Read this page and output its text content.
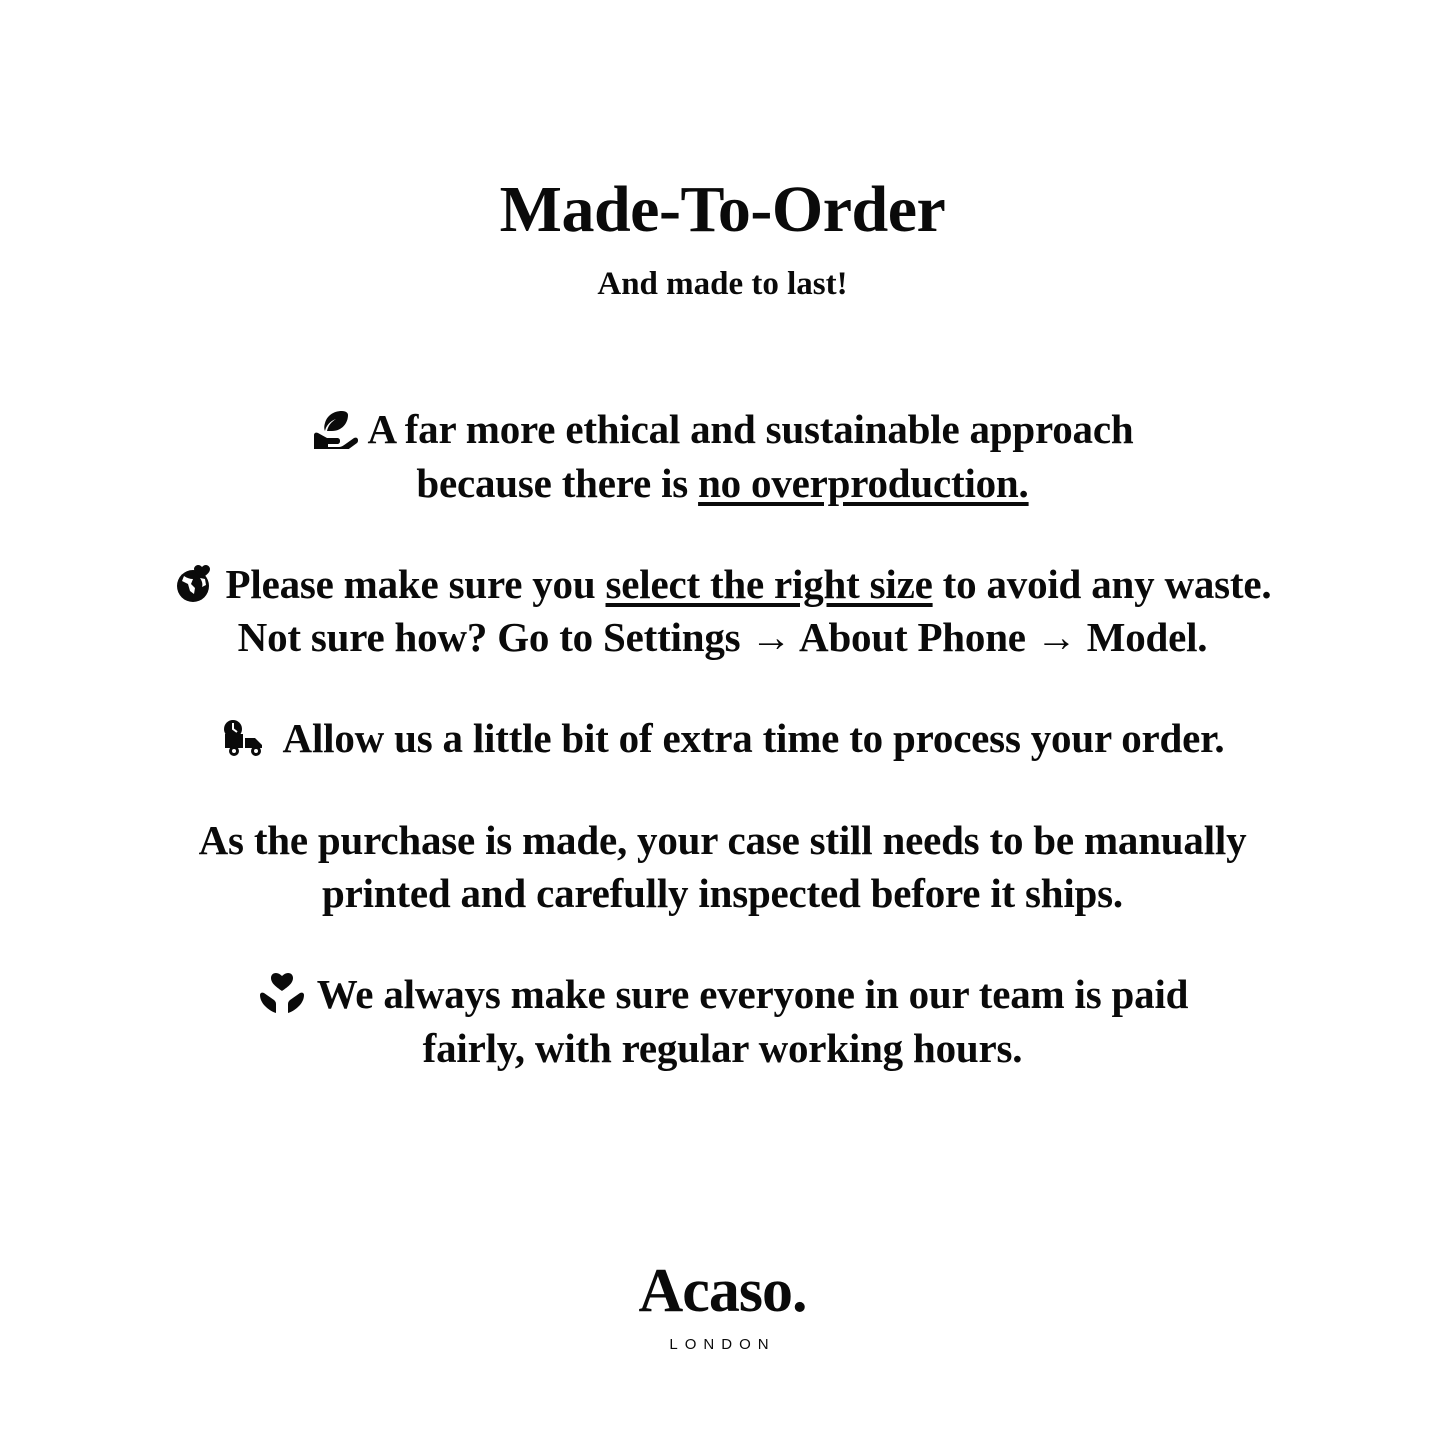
Made-To-Order
And made to last!

A far more ethical and sustainable approach
because there is no overproduction.

Please make sure you select the right size to avoid any waste.
Not sure how? Go to Settings → About Phone → Model.

Allow us a little bit of extra time to process your order.

As the purchase is made, your case still needs to be manually
printed and carefully inspected before it ships.

We always make sure everyone in our team is paid
fairly, with regular working hours.

Acaso.
LONDON
